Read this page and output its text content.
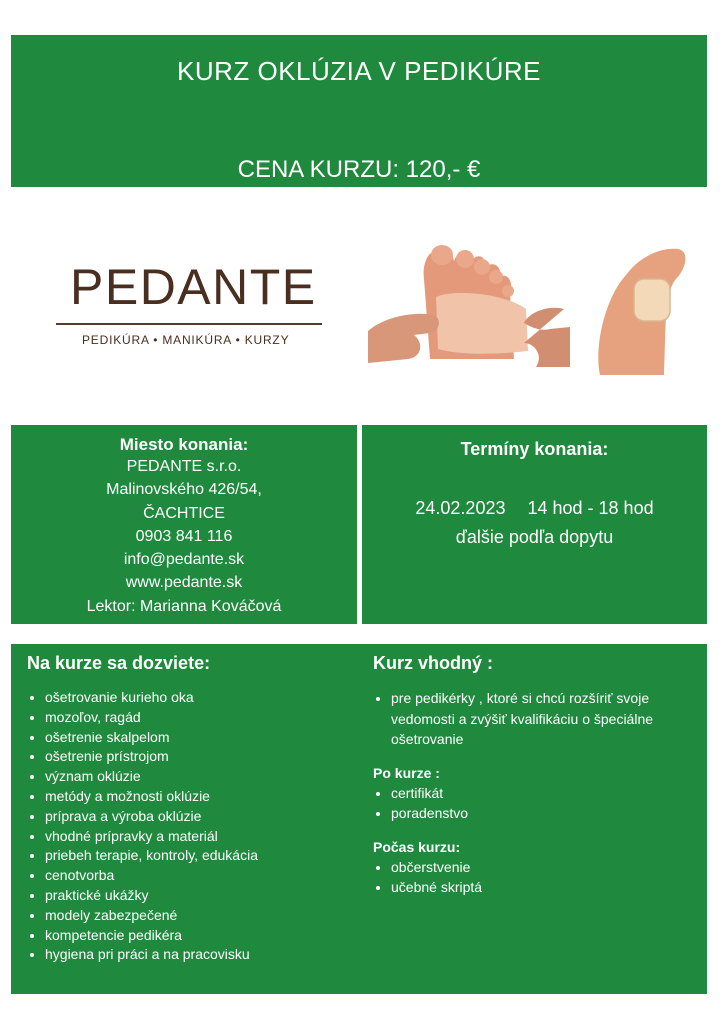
KURZ OKLÚZIA V PEDIKÚRE
CENA KURZU: 120,- €
PEDANTE
PEDIKÚRA • MANIKÚRA • KURZY
Miesto konania:
PEDANTE s.r.o.
Malinovského 426/54,
ČACHTICE
0903 841 116
info@pedante.sk
www.pedante.sk
Lektor: Marianna Kováčová
Termíny konania:
24.02.2023 14 hod - 18 hod
ďalšie podľa dopytu
Na kurze sa dozviete:
• ošetrovanie kurieho oka
• mozoľov, ragád
• ošetrenie skalpelom
• ošetrenie prístrojom
• význam oklúzie
• metódy a možnosti oklúzie
• príprava a výroba oklúzie
• vhodné prípravky a materiál
• priebeh terapie, kontroly, edukácia
• cenotvorba
• praktické ukážky
• modely zabezpečené
• kompetencie pedikéra
• hygiena pri práci a na pracovisku
Kurz vhodný :
• pre pedikérky , ktoré si chcú rozšíriť svoje vedomosti a zvýšiť kvalifikáciu o špeciálne ošetrovanie
Po kurze :
• certifikát
• poradenstvo
Počas kurzu:
• občerstvenie
• učebné skriptá
